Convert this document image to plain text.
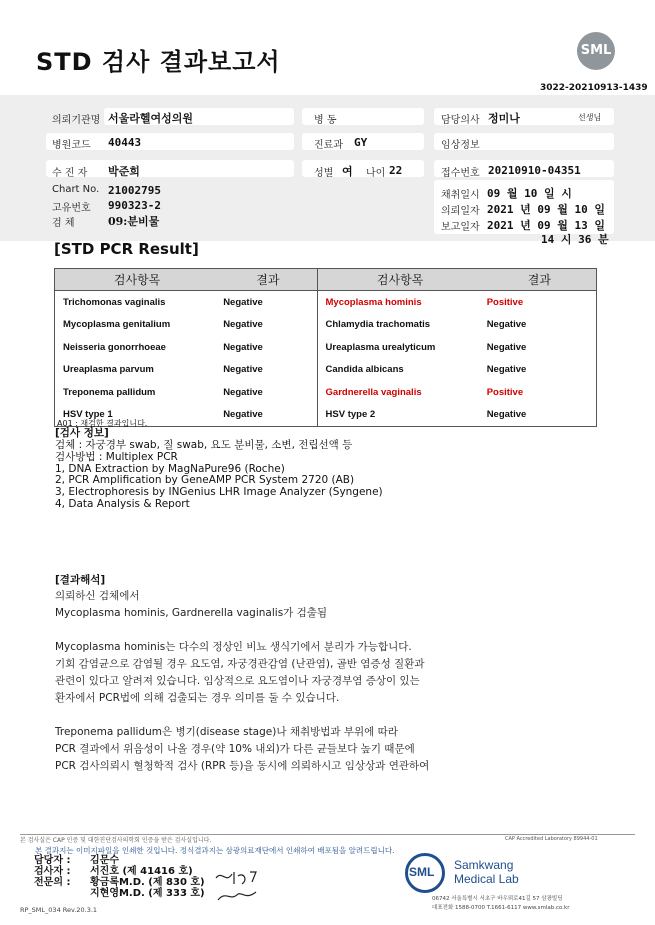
STD 검사 결과보고서	SML
3022-20210913-1439
의뢰기관명 서울라헬여성의원	병 동	담당의사 정미나	선생님
병원코드 40443	진료과 GY	임상정보
수 진 자 박준희	성별 여 나이 22	접수번호 20210910-04351
Chart No. 21002795
고유번호 990323-2
검 체	09:분비물
채취일시 09 월 10 일 시
의뢰일자 2021 년 09 월 10 일
보고일자 2021 년 09 월 13 일
14 시 36 분
[STD PCR Result]
검사항목	결과	검사항목	결과
Trichomonas vaginalis	Negative	Mycoplasma hominis	Positive
Mycoplasma genitalium	Negative	Chlamydia trachomatis	Negative
Neisseria gonorrhoeae	Negative	Ureaplasma urealyticum	Negative
Ureaplasma parvum	Negative	Candida albicans	Negative
Treponema pallidum	Negative	Gardnerella vaginalis	Positive
HSV type 1	Negative	HSV type 2	Negative
A01 : 재검한 결과입니다.
[검사 정보]
검체 : 자궁경부 swab, 질 swab, 요도 분비물, 소변, 전립선액 등
검사방법 : Multiplex PCR
1, DNA Extraction by MagNaPure96 (Roche)
2, PCR Amplification by GeneAMP PCR System 2720 (AB)
3, Electrophoresis by INGenius LHR Image Analyzer (Syngene)
4, Data Analysis & Report
[결과해석]
의뢰하신 검체에서
Mycoplasma hominis, Gardnerella vaginalis가 검출됨
Mycoplasma hominis는 다수의 정상인 비뇨 생식기에서 분리가 가능합니다.
기회 감염균으로 감염될 경우 요도염, 자궁경관감염 (난관염), 골반 염증성 질환과
관련이 있다고 알려져 있습니다. 임상적으로 요도염이나 자궁경부염 증상이 있는
환자에서 PCR법에 의해 검출되는 경우 의미를 둘 수 있습니다.
Treponema pallidum은 병기(disease stage)나 채취방법과 부위에 따라
PCR 결과에서 위음성이 나올 경우(약 10% 내외)가 다른 균들보다 높기 때문에
PCR 검사의뢰시 혈청학적 검사 (RPR 등)을 동시에 의뢰하시고 임상상과 연관하여
본 검사실은 CAP 인증 및 대한진단검사의학회 인증을 받은 검사실입니다.	CAP Accredited Laboratory 89944-01
본 결과지는 이미지파일을 인쇄한 것입니다. 정식결과지는 삼광의료재단에서 인쇄하여 배포됨을 알려드립니다.
담당자 : 김문수
검사자 : 서진호 (제 41416 호)
전문의 : 황금록M.D. (제 830 호)
지현영M.D. (제 333 호)
SML Samkwang
Medical Lab
06742 서울특별시 서초구 바우뫼로41길 57 삼광빌딩
대표전화 1588-0700 T.1661-6117 www.smlab.co.kr
RP_SML_034 Rev.20.3.1
